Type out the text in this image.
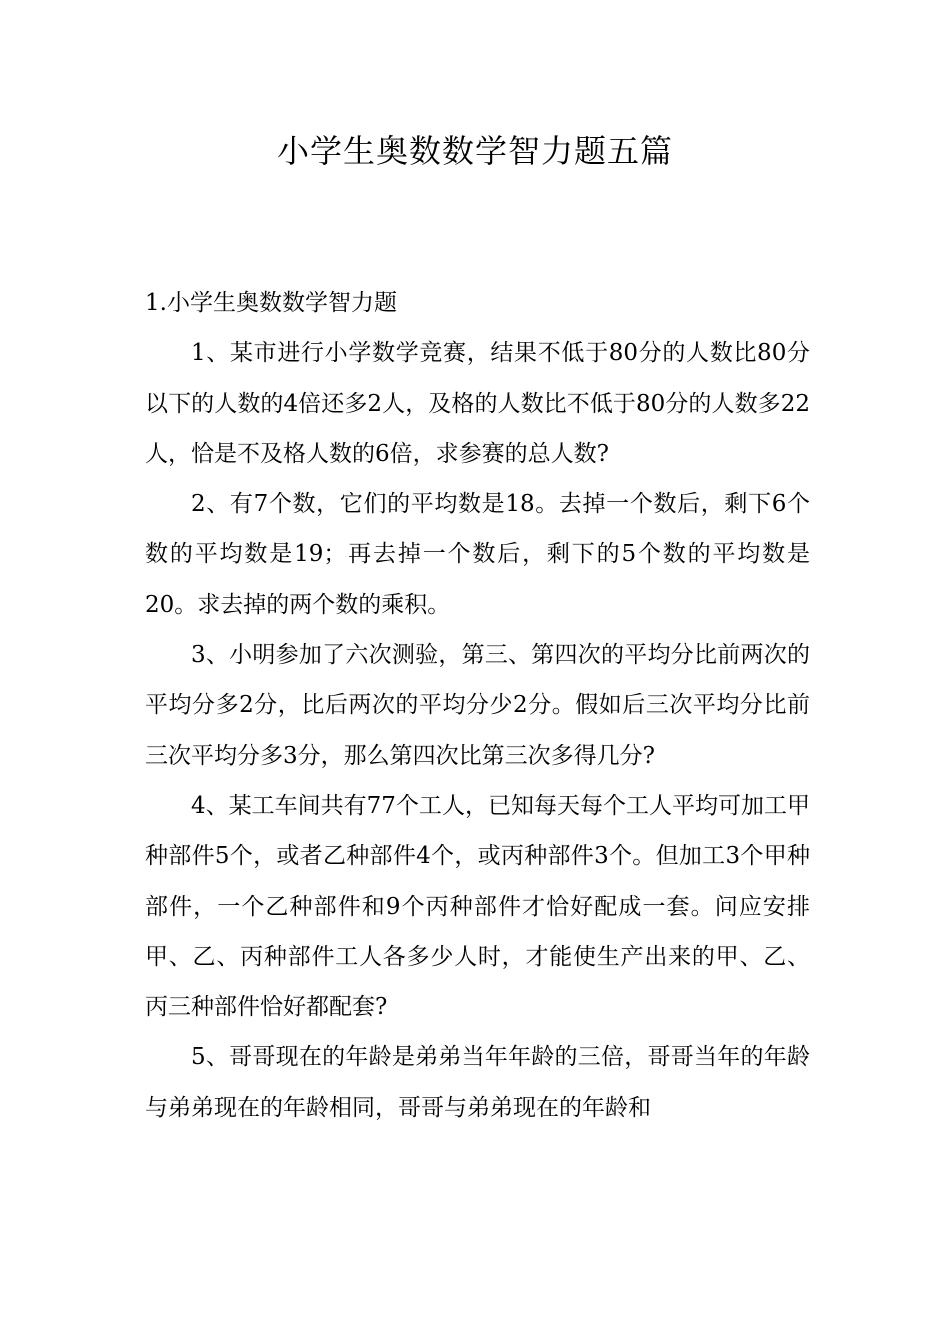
小学生奥数数学智力题五篇

1.小学生奥数数学智力题

1、某市进行小学数学竞赛，结果不低于80分的人数比80分以下的人数的4倍还多2人，及格的人数比不低于80分的人数多22人，恰是不及格人数的6倍，求参赛的总人数?

2、有7个数，它们的平均数是18。去掉一个数后，剩下6个数的平均数是19；再去掉一个数后，剩下的5个数的平均数是20。求去掉的两个数的乘积。

3、小明参加了六次测验，第三、第四次的平均分比前两次的平均分多2分，比后两次的平均分少2分。假如后三次平均分比前三次平均分多3分，那么第四次比第三次多得几分?

4、某工车间共有77个工人，已知每天每个工人平均可加工甲种部件5个，或者乙种部件4个，或丙种部件3个。但加工3个甲种部件，一个乙种部件和9个丙种部件才恰好配成一套。问应安排甲、乙、丙种部件工人各多少人时，才能使生产出来的甲、乙、丙三种部件恰好都配套?

5、哥哥现在的年龄是弟弟当年年龄的三倍，哥哥当年的年龄与弟弟现在的年龄相同，哥哥与弟弟现在的年龄和
